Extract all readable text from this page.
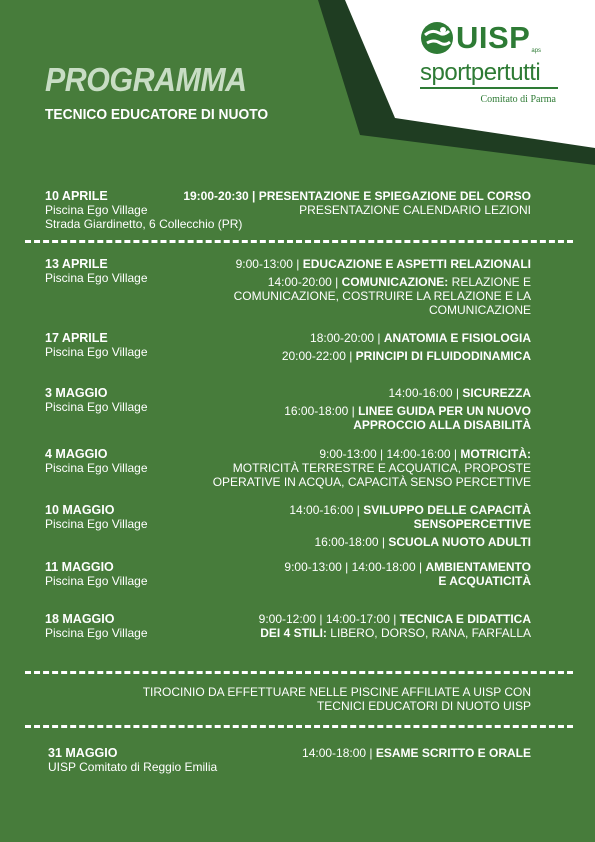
UISP aps
sportpertutti
Comitato di Parma
PROGRAMMA
TECNICO EDUCATORE DI NUOTO
10 APRILE
Piscina Ego Village
Strada Giardinetto, 6 Collecchio (PR)
19:00-20:30 | PRESENTAZIONE E SPIEGAZIONE DEL CORSO
PRESENTAZIONE CALENDARIO LEZIONI
13 APRILE
Piscina Ego Village
9:00-13:00 | EDUCAZIONE E ASPETTI RELAZIONALI
14:00-20:00 | COMUNICAZIONE: RELAZIONE E
COMUNICAZIONE, COSTRUIRE LA RELAZIONE E LA
COMUNICAZIONE
17 APRILE
Piscina Ego Village
18:00-20:00 | ANATOMIA E FISIOLOGIA
20:00-22:00 | PRINCIPI DI FLUIDODINAMICA
3 MAGGIO
Piscina Ego Village
14:00-16:00 | SICUREZZA
16:00-18:00 | LINEE GUIDA PER UN NUOVO
APPROCCIO ALLA DISABILITÀ
4 MAGGIO
Piscina Ego Village
9:00-13:00 | 14:00-16:00 | MOTRICITÀ:
MOTRICITÀ TERRESTRE E ACQUATICA, PROPOSTE
OPERATIVE IN ACQUA, CAPACITÀ SENSO PERCETTIVE
10 MAGGIO
Piscina Ego Village
14:00-16:00 | SVILUPPO DELLE CAPACITÀ
SENSOPERCETTIVE
16:00-18:00 | SCUOLA NUOTO ADULTI
11 MAGGIO
Piscina Ego Village
9:00-13:00 | 14:00-18:00 | AMBIENTAMENTO
E ACQUATICITÀ
18 MAGGIO
Piscina Ego Village
9:00-12:00 | 14:00-17:00 | TECNICA E DIDATTICA
DEI 4 STILI: LIBERO, DORSO, RANA, FARFALLA
TIROCINIO DA EFFETTUARE NELLE PISCINE AFFILIATE A UISP CON
TECNICI EDUCATORI DI NUOTO UISP
31 MAGGIO
UISP Comitato di Reggio Emilia
14:00-18:00 | ESAME SCRITTO E ORALE
